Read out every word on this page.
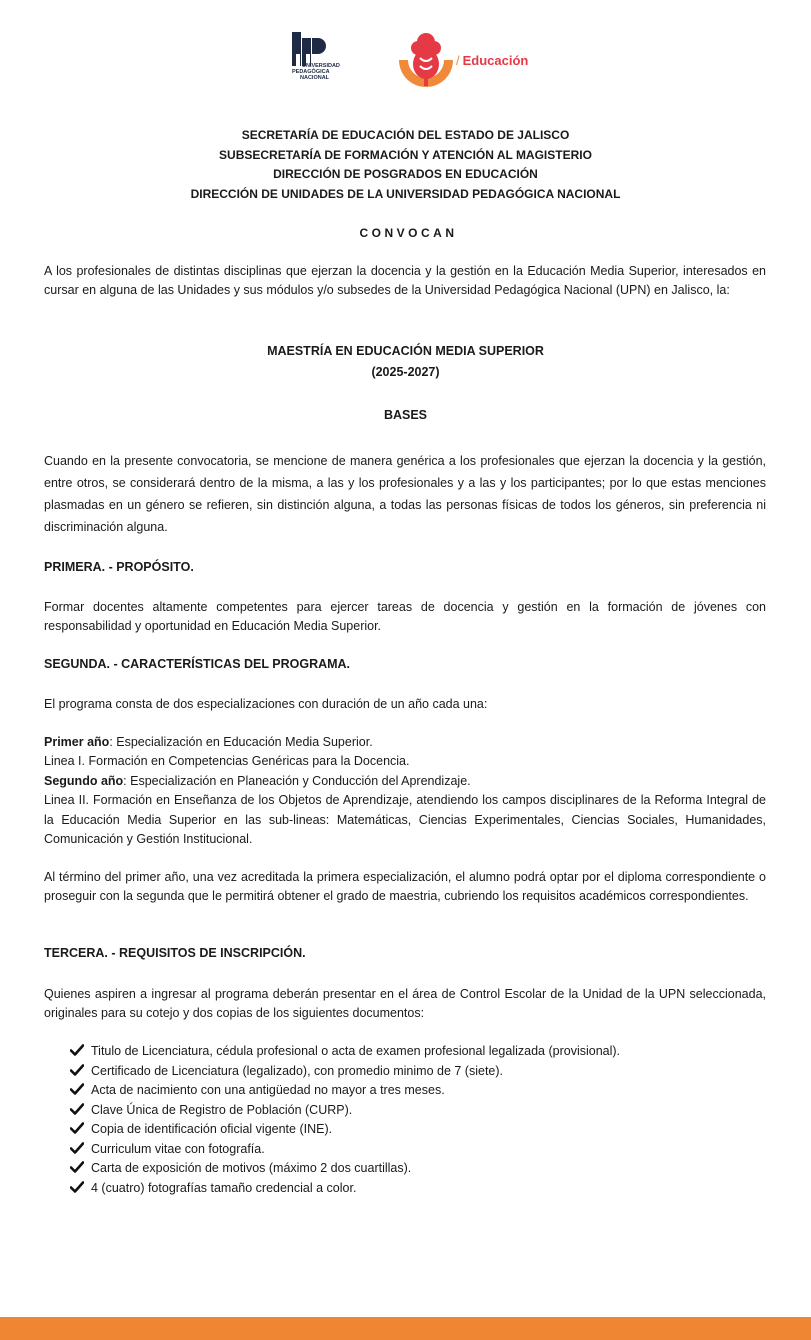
UNIVERSIDAD
PEDAGÓGICA
NACIONAL
/ Educación
SECRETARÍA DE EDUCACIÓN DEL ESTADO DE JALISCO
SUBSECRETARÍA DE FORMACIÓN Y ATENCIÓN AL MAGISTERIO
DIRECCIÓN DE POSGRADOS EN EDUCACIÓN
DIRECCIÓN DE UNIDADES DE LA UNIVERSIDAD PEDAGÓGICA NACIONAL
CONVOCAN

A los profesionales de distintas disciplinas que ejerzan la docencia y la gestión en la Educación Media Superior, interesados en cursar en alguna de las Unidades y sus módulos y/o subsedes de la Universidad Pedagógica Nacional (UPN) en Jalisco, la:

MAESTRÍA EN EDUCACIÓN MEDIA SUPERIOR
(2025-2027)
BASES

Cuando en la presente convocatoria, se mencione de manera genérica a los profesionales que ejerzan la docencia y la gestión, entre otros, se considerará dentro de la misma, a las y los profesionales y a las y los participantes; por lo que estas menciones plasmadas en un género se refieren, sin distinción alguna, a todas las personas físicas de todos los géneros, sin preferencia ni discriminación alguna.

PRIMERA. - PROPÓSITO.

Formar docentes altamente competentes para ejercer tareas de docencia y gestión en la formación de jóvenes con responsabilidad y oportunidad en Educación Media Superior.

SEGUNDA. - CARACTERÍSTICAS DEL PROGRAMA.

El programa consta de dos especializaciones con duración de un año cada una:

Primer año: Especialización en Educación Media Superior.
Linea I. Formación en Competencias Genéricas para la Docencia.
Segundo año: Especialización en Planeación y Conducción del Aprendizaje.
Linea II. Formación en Enseñanza de los Objetos de Aprendizaje, atendiendo los campos disciplinares de la Reforma Integral de la Educación Media Superior en las sub-lineas: Matemáticas, Ciencias Experimentales, Ciencias Sociales, Humanidades, Comunicación y Gestión Institucional.

Al término del primer año, una vez acreditada la primera especialización, el alumno podrá optar por el diploma correspondiente o proseguir con la segunda que le permitirá obtener el grado de maestria, cubriendo los requisitos académicos correspondientes.

TERCERA. - REQUISITOS DE INSCRIPCIÓN.

Quienes aspiren a ingresar al programa deberán presentar en el área de Control Escolar de la Unidad de la UPN seleccionada, originales para su cotejo y dos copias de los siguientes documentos:

Titulo de Licenciatura, cédula profesional o acta de examen profesional legalizada (provisional).
Certificado de Licenciatura (legalizado), con promedio minimo de 7 (siete).
Acta de nacimiento con una antigüedad no mayor a tres meses.
Clave Única de Registro de Población (CURP).
Copia de identificación oficial vigente (INE).
Curriculum vitae con fotografía.
Carta de exposición de motivos (máximo 2 dos cuartillas).
4 (cuatro) fotografías tamaño credencial a color.
